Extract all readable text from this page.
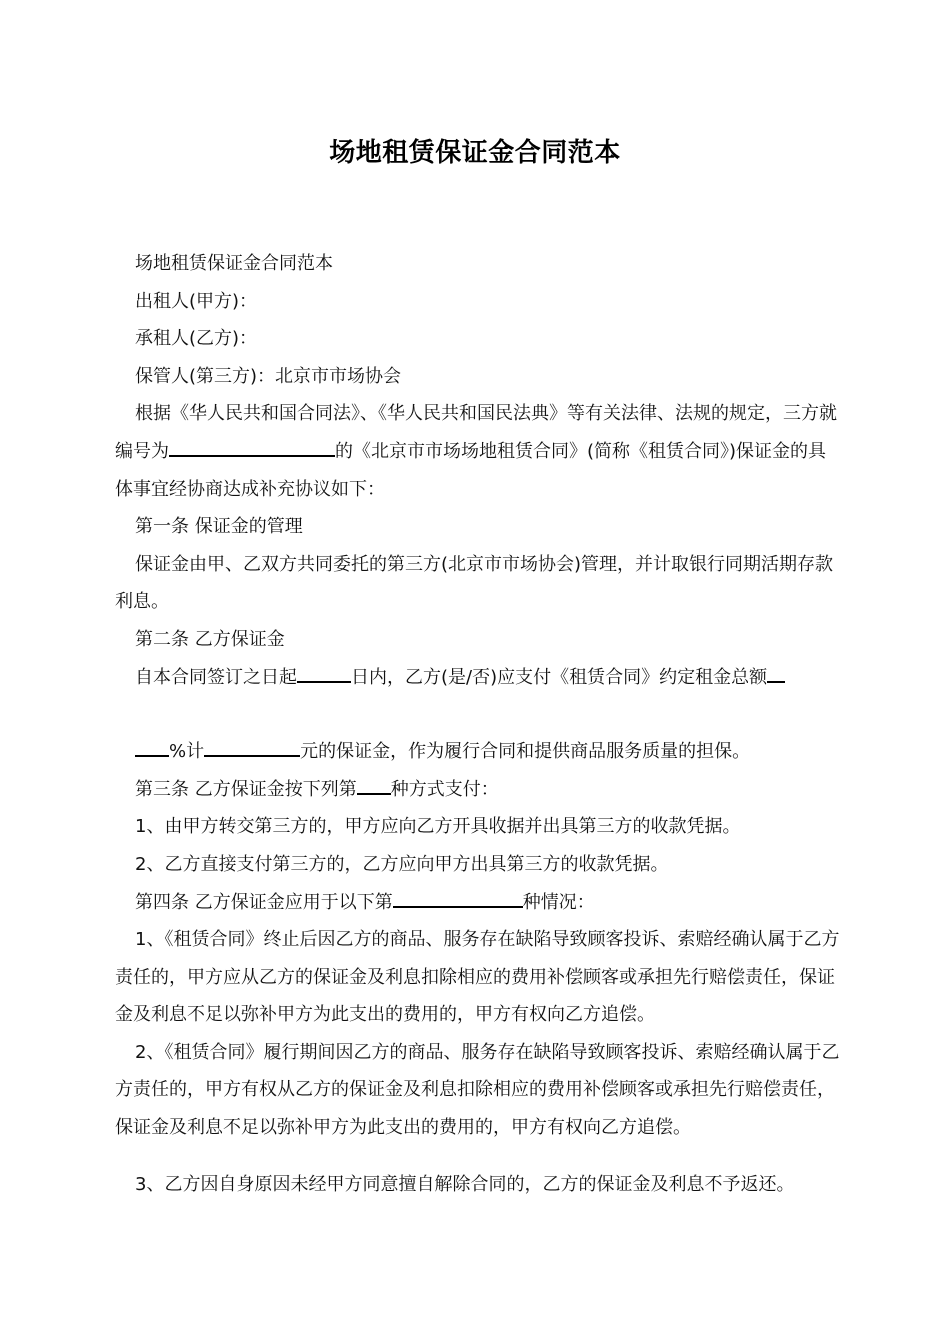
场地租赁保证金合同范本

场地租赁保证金合同范本

出租人(甲方)：

承租人(乙方)：

保管人(第三方)：北京市市场协会

根据《华人民共和国合同法》、《华人民共和国民法典》等有关法律、法规的规定，三方就编号为	的《北京市市场场地租赁合同》(简称《租赁合同》)保证金的具体事宜经协商达成补充协议如下：

第一条 保证金的管理

保证金由甲、乙双方共同委托的第三方(北京市市场协会)管理，并计取银行同期活期存款利息。

第二条 乙方保证金

自本合同签订之日起	日内，乙方(是/否)应支付《租赁合同》约定租金总额

%计	元的保证金，作为履行合同和提供商品服务质量的担保。

第三条 乙方保证金按下列第 种方式支付：

1、由甲方转交第三方的，甲方应向乙方开具收据并出具第三方的收款凭据。

2、乙方直接支付第三方的，乙方应向甲方出具第三方的收款凭据。

第四条 乙方保证金应用于以下第	种情况：

1、《租赁合同》终止后因乙方的商品、服务存在缺陷导致顾客投诉、索赔经确认属于乙方责任的，甲方应从乙方的保证金及利息扣除相应的费用补偿顾客或承担先行赔偿责任，保证金及利息不足以弥补甲方为此支出的费用的，甲方有权向乙方追偿。

2、《租赁合同》履行期间因乙方的商品、服务存在缺陷导致顾客投诉、索赔经确认属于乙方责任的，甲方有权从乙方的保证金及利息扣除相应的费用补偿顾客或承担先行赔偿责任，保证金及利息不足以弥补甲方为此支出的费用的，甲方有权向乙方追偿。

3、乙方因自身原因未经甲方同意擅自解除合同的，乙方的保证金及利息不予返还。
